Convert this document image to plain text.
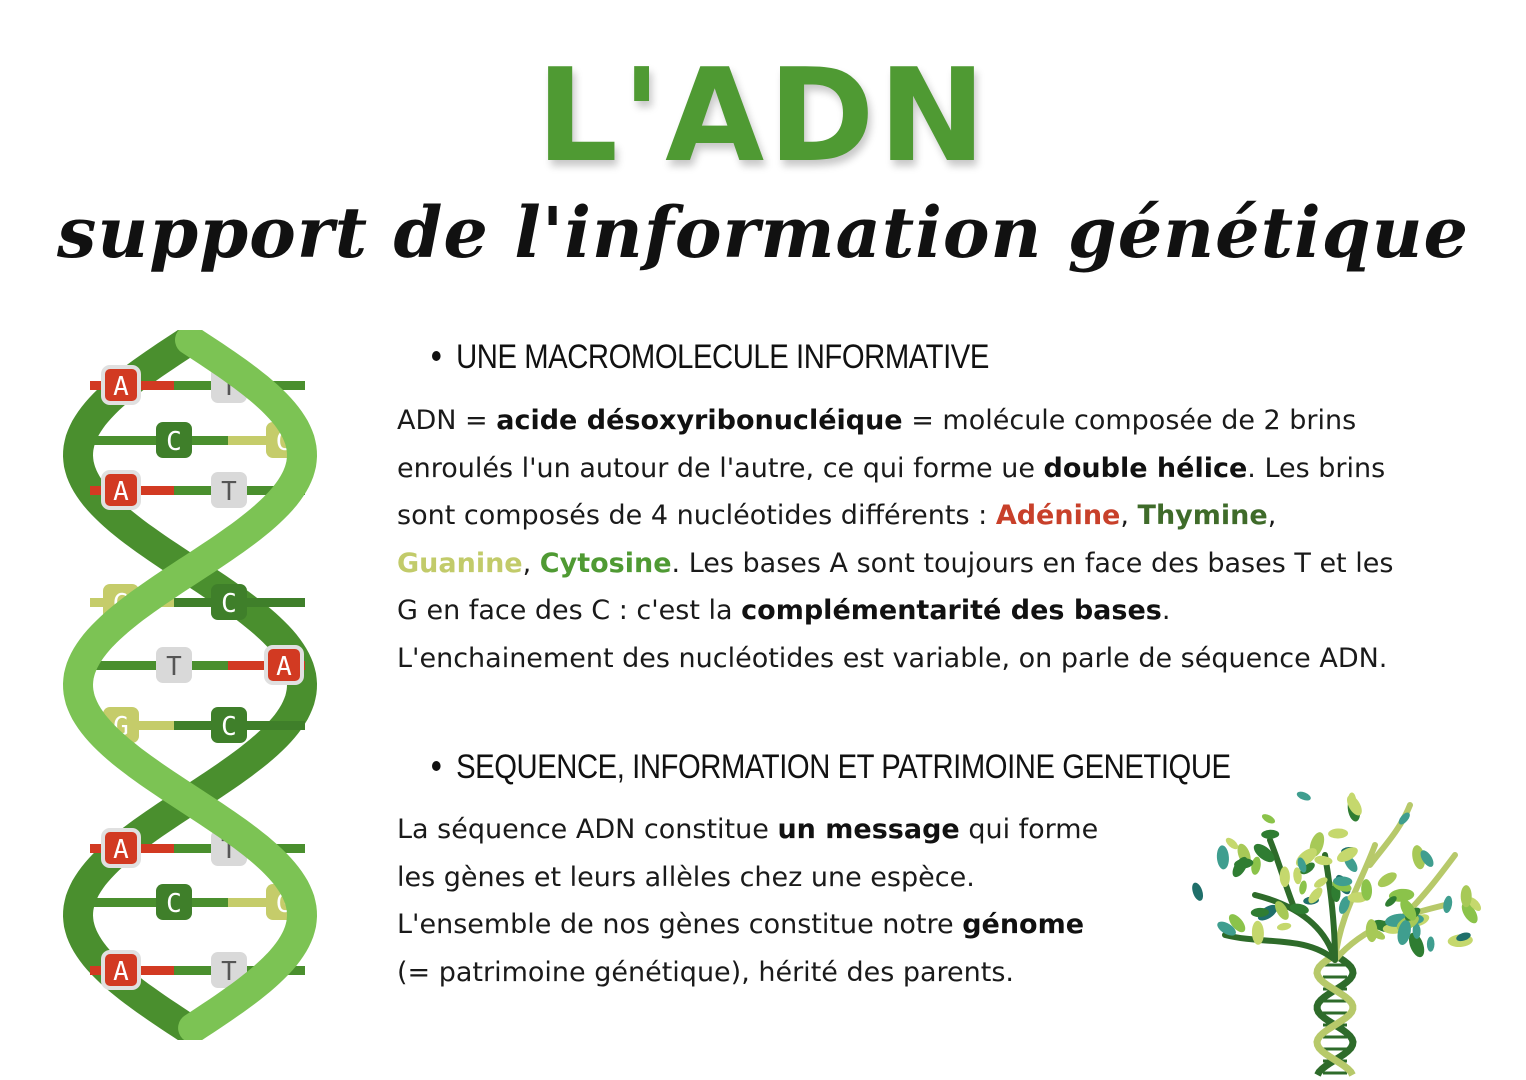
L'ADN
support de l'information génétique
A	T
C	G
A	T
G	C
T	A
G	C
A	T
C	G
A	T
UNE MACROMOLECULE INFORMATIVE

ADN = acide désoxyribonucléique = molécule composée de 2 brins

enroulés l'un autour de l'autre, ce qui forme ue double hélice. Les brins

sont composés de 4 nucléotides différents : Adénine, Thymine,

Guanine, Cytosine. Les bases A sont toujours en face des bases T et les

G en face des C : c'est la complémentarité des bases.

L'enchainement des nucléotides est variable, on parle de séquence ADN.

SEQUENCE, INFORMATION ET PATRIMOINE GENETIQUE

La séquence ADN constitue un message qui forme

les gènes et leurs allèles chez une espèce.

L'ensemble de nos gènes constitue notre génome

(= patrimoine génétique), hérité des parents.
